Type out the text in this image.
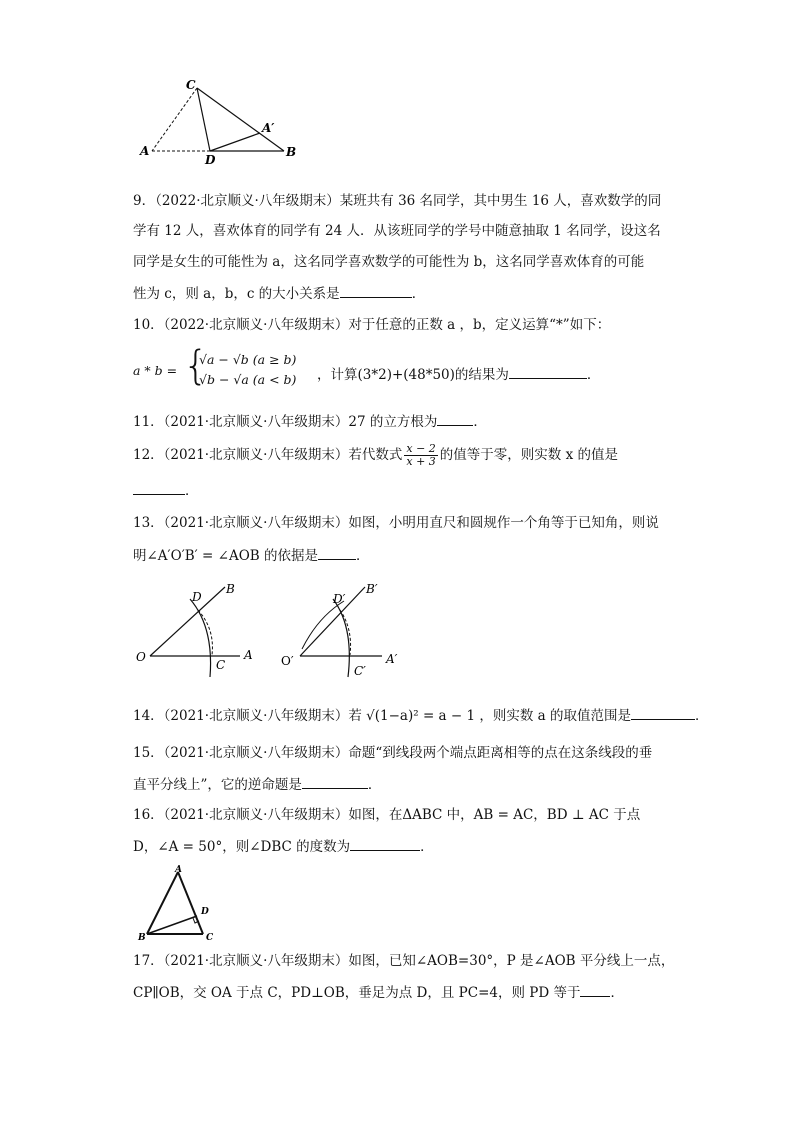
C
A
D
B
A′
9．（2022·北京顺义·八年级期末）某班共有 36 名同学，其中男生 16 人，喜欢数学的同
学有 12 人，喜欢体育的同学有 24 人．从该班同学的学号中随意抽取 1 名同学，设这名
同学是女生的可能性为 a，这名同学喜欢数学的可能性为 b，这名同学喜欢体育的可能
性为 c，则 a，b，c 的大小关系是	．
10．（2022·北京顺义·八年级期末）对于任意的正数 a ，b，定义运算“*”如下：
a * b = {
√a − √b (a ≥ b)
√b − √a (a < b) ，计算(3*2)+(48*50)的结果为	．
11．（2021·北京顺义·八年级期末）27 的立方根为	．
12．（2021·北京顺义·八年级期末）若代数式 $\frac{x - 2}{x + 3}$ 的值等于零，则实数 x 的值是
．
13．（2021·北京顺义·八年级期末）如图，小明用直尺和圆规作一个角等于已知角，则说
明∠A′O′B′ = ∠AOB 的依据是	．
O	A
B
C
D
O′	A′
B′
C′
D′
14．（2021·北京顺义·八年级期末）若 √(1−a)² = a − 1 ，则实数 a 的取值范围是	．
15．（2021·北京顺义·八年级期末）命题“到线段两个端点距离相等的点在这条线段的垂
直平分线上”，它的逆命题是	．
16．（2021·北京顺义·八年级期末）如图，在ΔABC 中，AB = AC，BD ⊥ AC 于点
D，∠A = 50°，则∠DBC 的度数为	．
A
B	C
D
17．（2021·北京顺义·八年级期末）如图，已知∠AOB=30°，P 是∠AOB 平分线上一点，
CP∥OB，交 OA 于点 C，PD⊥OB，垂足为点 D，且 PC=4，则 PD 等于 ．
